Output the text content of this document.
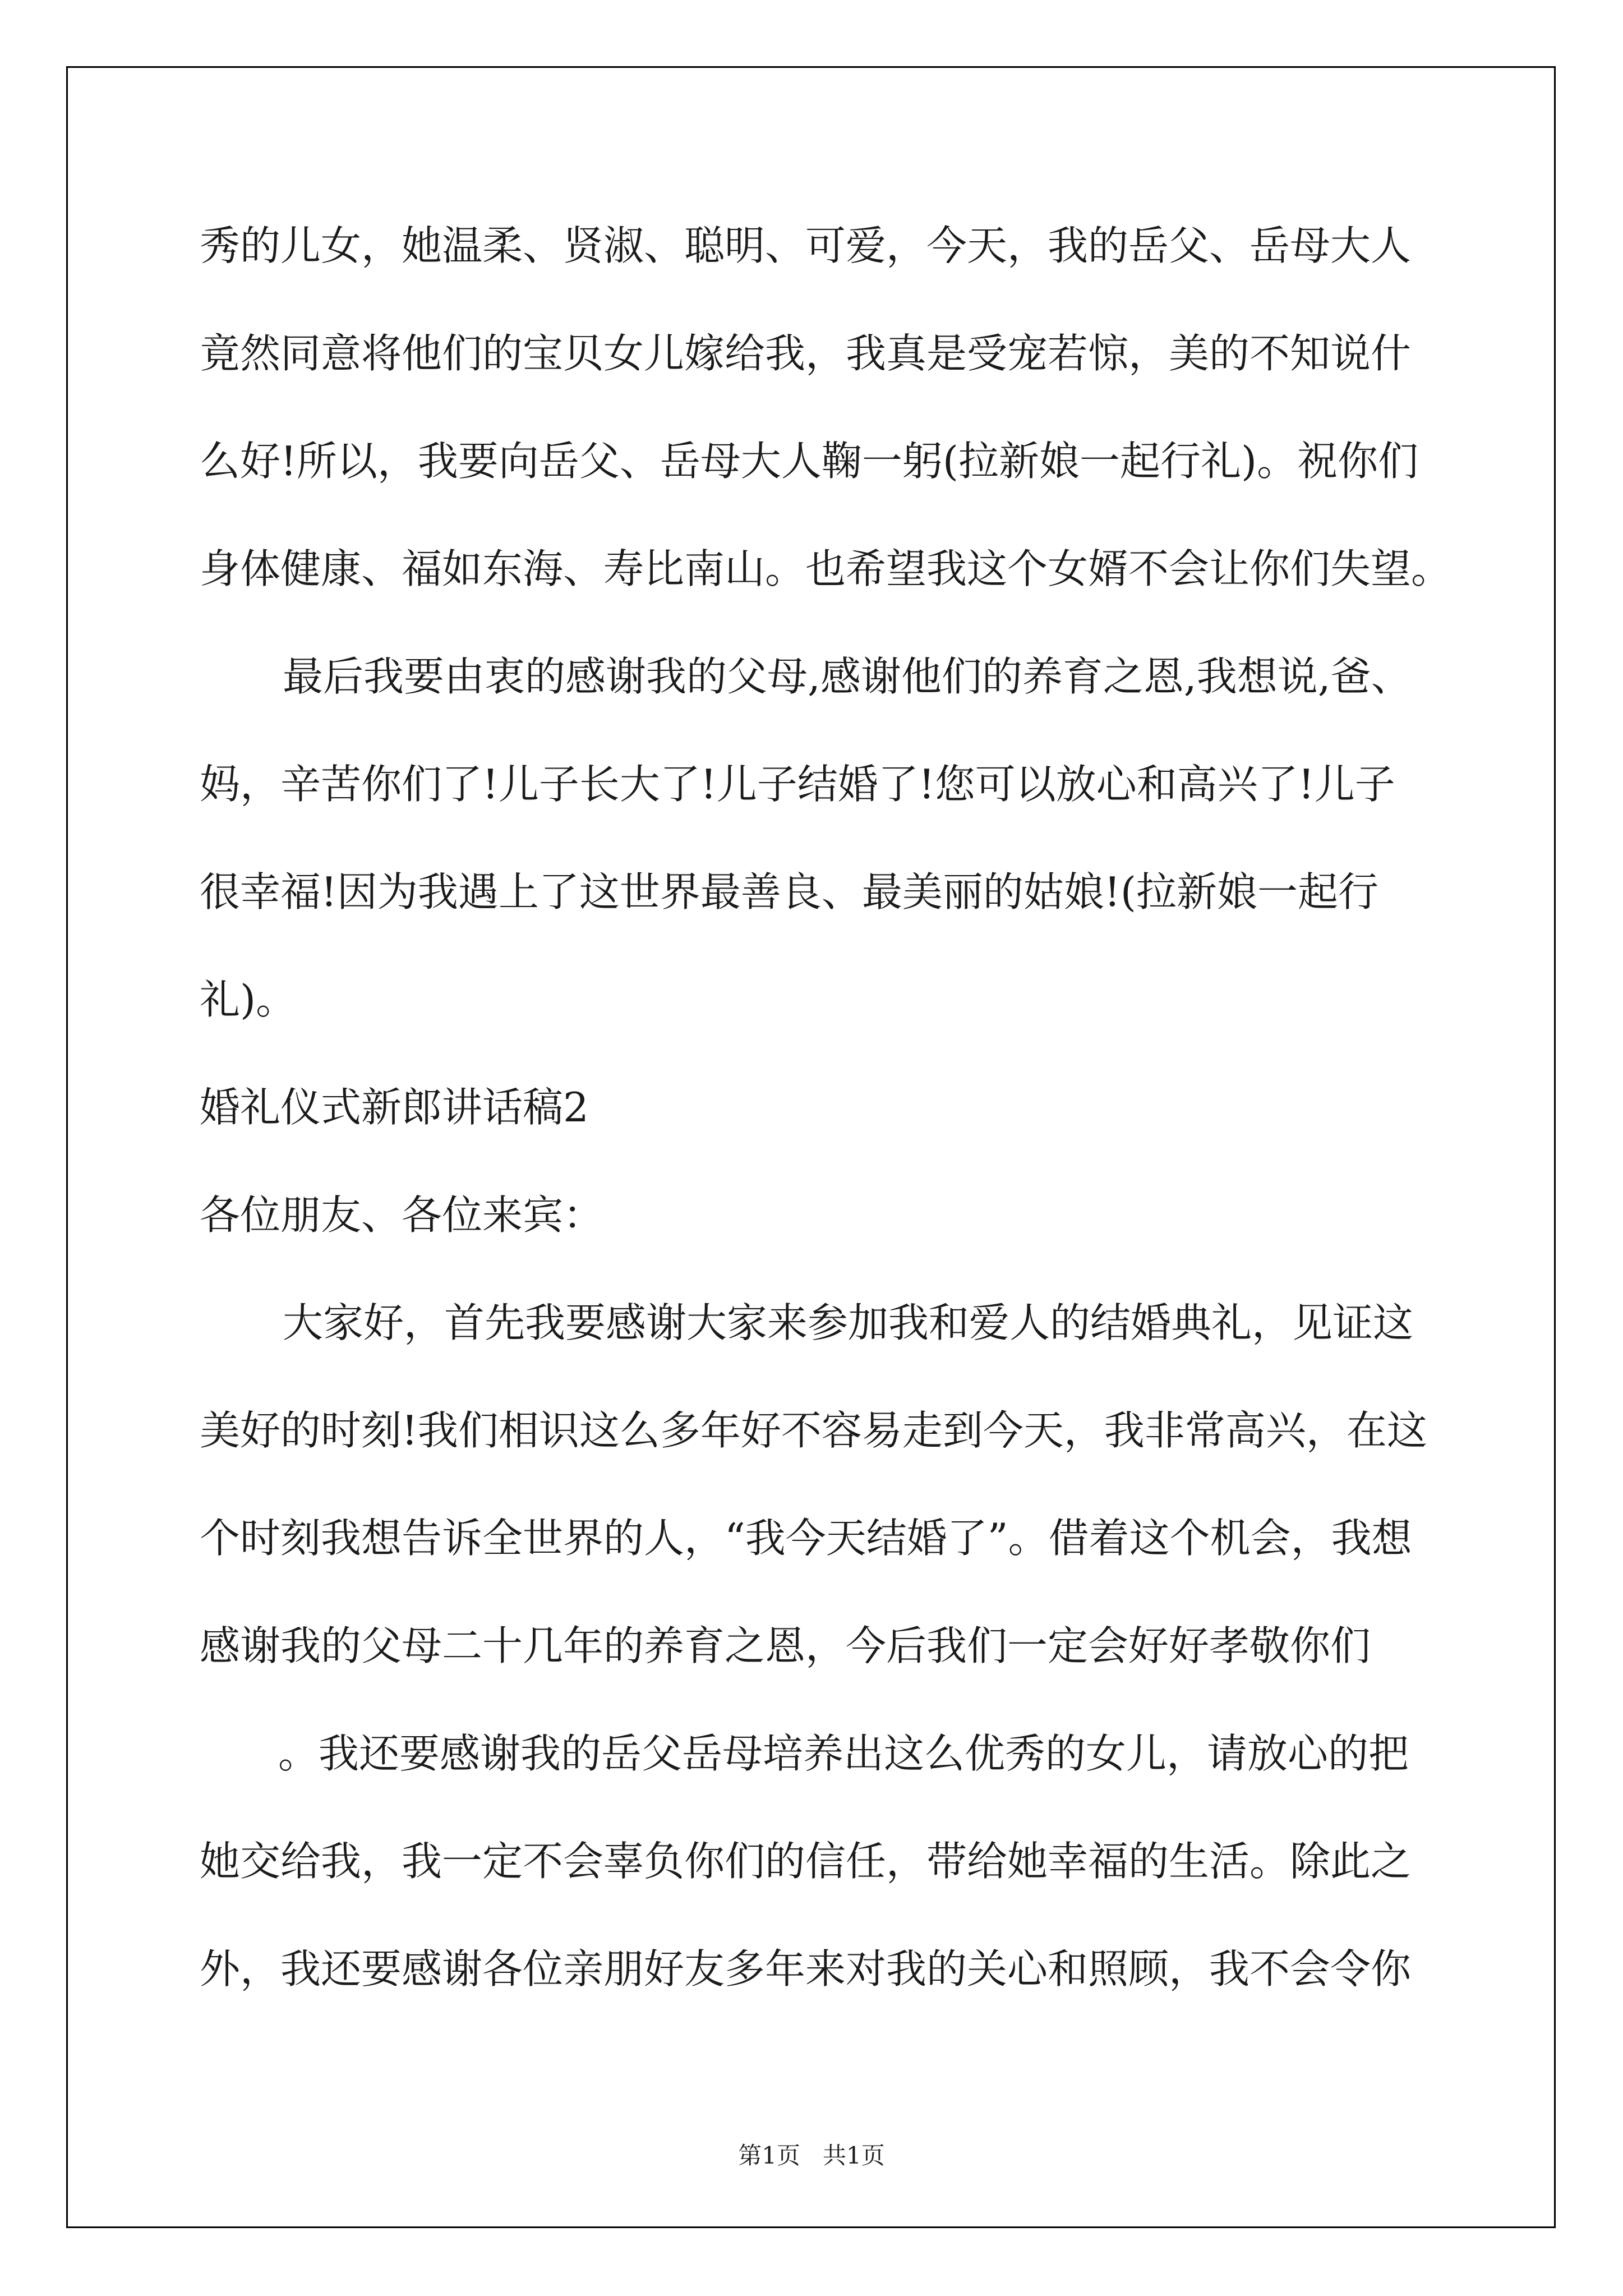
秀的儿女，她温柔、贤淑、聪明、可爱，今天，我的岳父、岳母大人
竟然同意将他们的宝贝女儿嫁给我，我真是受宠若惊，美的不知说什
么好!所以，我要向岳父、岳母大人鞠一躬(拉新娘一起行礼)。祝你们
身体健康、福如东海、寿比南山。也希望我这个女婿不会让你们失望。
最后我要由衷的感谢我的父母,感谢他们的养育之恩,我想说,爸、
妈，辛苦你们了!儿子长大了!儿子结婚了!您可以放心和高兴了!儿子
很幸福!因为我遇上了这世界最善良、最美丽的姑娘!(拉新娘一起行
礼)。
婚礼仪式新郎讲话稿2
各位朋友、各位来宾：
大家好，首先我要感谢大家来参加我和爱人的结婚典礼，见证这
美好的时刻!我们相识这么多年好不容易走到今天，我非常高兴，在这
个时刻我想告诉全世界的人，“我今天结婚了”。借着这个机会，我想
感谢我的父母二十几年的养育之恩，今后我们一定会好好孝敬你们
。我还要感谢我的岳父岳母培养出这么优秀的女儿，请放心的把
她交给我，我一定不会辜负你们的信任，带给她幸福的生活。除此之
外，我还要感谢各位亲朋好友多年来对我的关心和照顾，我不会令你
第1页   共1页
